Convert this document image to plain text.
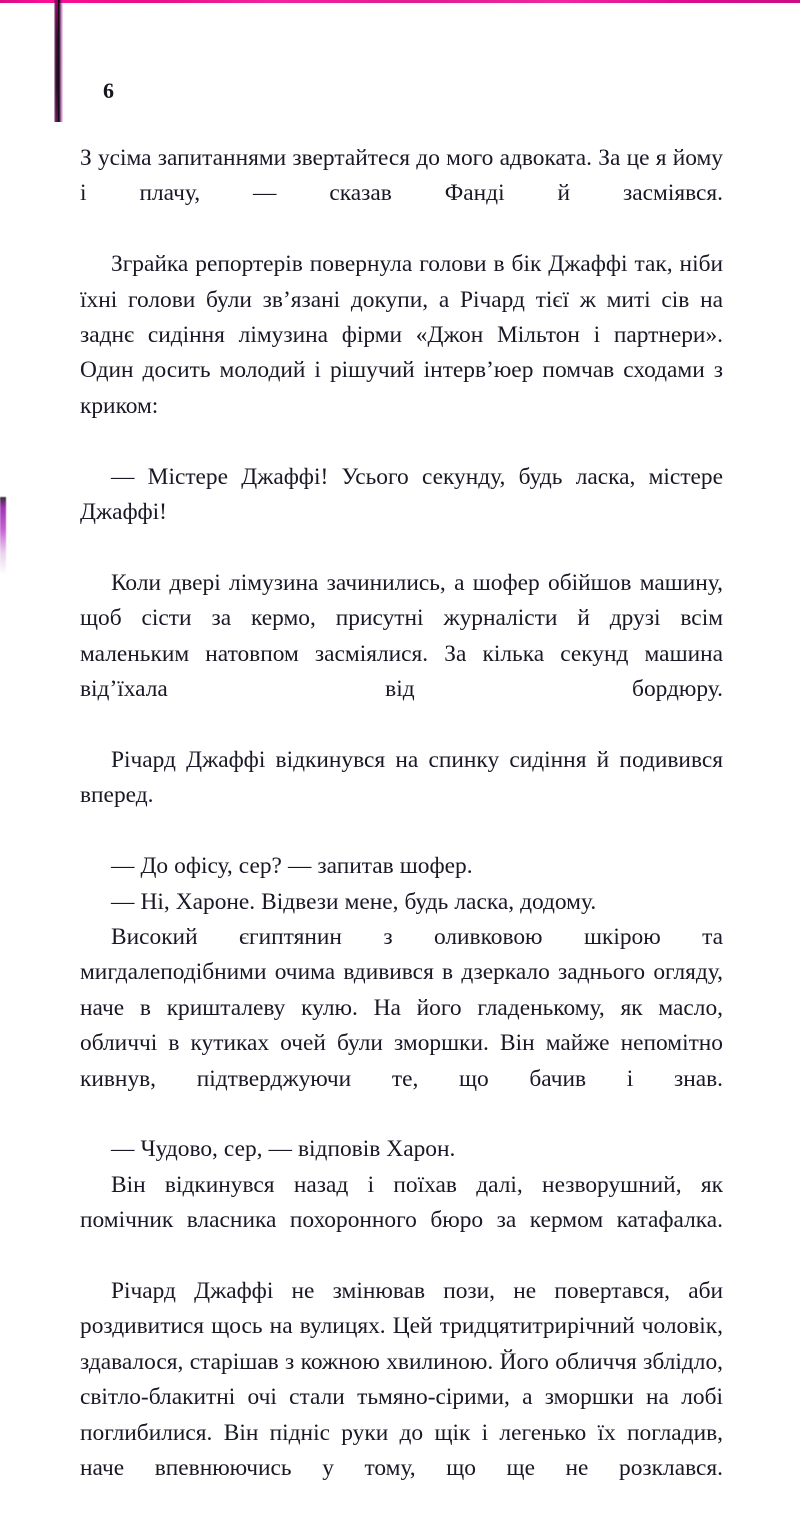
6

З усіма запитаннями звертайтеся до мого адвоката. За це я йому і плачу, — сказав Фанді й засміявся.

Зграйка репортерів повернула голови в бік Джаффі так, ніби їхні голови були зв’язані докупи, а Річард тієї ж миті сів на заднє сидіння лімузина фірми «Джон Мільтон і партнери». Один досить молодий і рішучий інтерв’юер помчав сходами з криком:

— Містере Джаффі! Усього секунду, будь ласка, містере Джаффі!

Коли двері лімузина зачинились, а шофер обійшов машину, щоб сісти за кермо, присутні журналісти й друзі всім маленьким натовпом засміялися. За кілька секунд машина від’їхала від бордюру.

Річард Джаффі відкинувся на спинку сидіння й подивився вперед.

— До офісу, сер? — запитав шофер.

— Ні, Хароне. Відвези мене, будь ласка, додому.

Високий єгиптянин з оливковою шкірою та мигдалеподібними очима вдивився в дзеркало заднього огляду, наче в кришталеву кулю. На його гладенькому, як масло, обличчі в кутиках очей були зморшки. Він майже непомітно кивнув, підтверджуючи те, що бачив і знав.

— Чудово, сер, — відповів Харон.

Він відкинувся назад і поїхав далі, незворушний, як помічник власника похоронного бюро за кермом катафалка.

Річард Джаффі не змінював пози, не повертався, аби роздивитися щось на вулицях. Цей тридцятитрирічний чоловік, здавалося, старішав з кожною хвилиною. Його обличчя зблідло, світло-блакитні очі стали тьмяно-сірими, а зморшки на лобі поглибилися. Він підніс руки до щік і легенько їх погладив, наче впевнюючись у тому, що ще не розклався.
